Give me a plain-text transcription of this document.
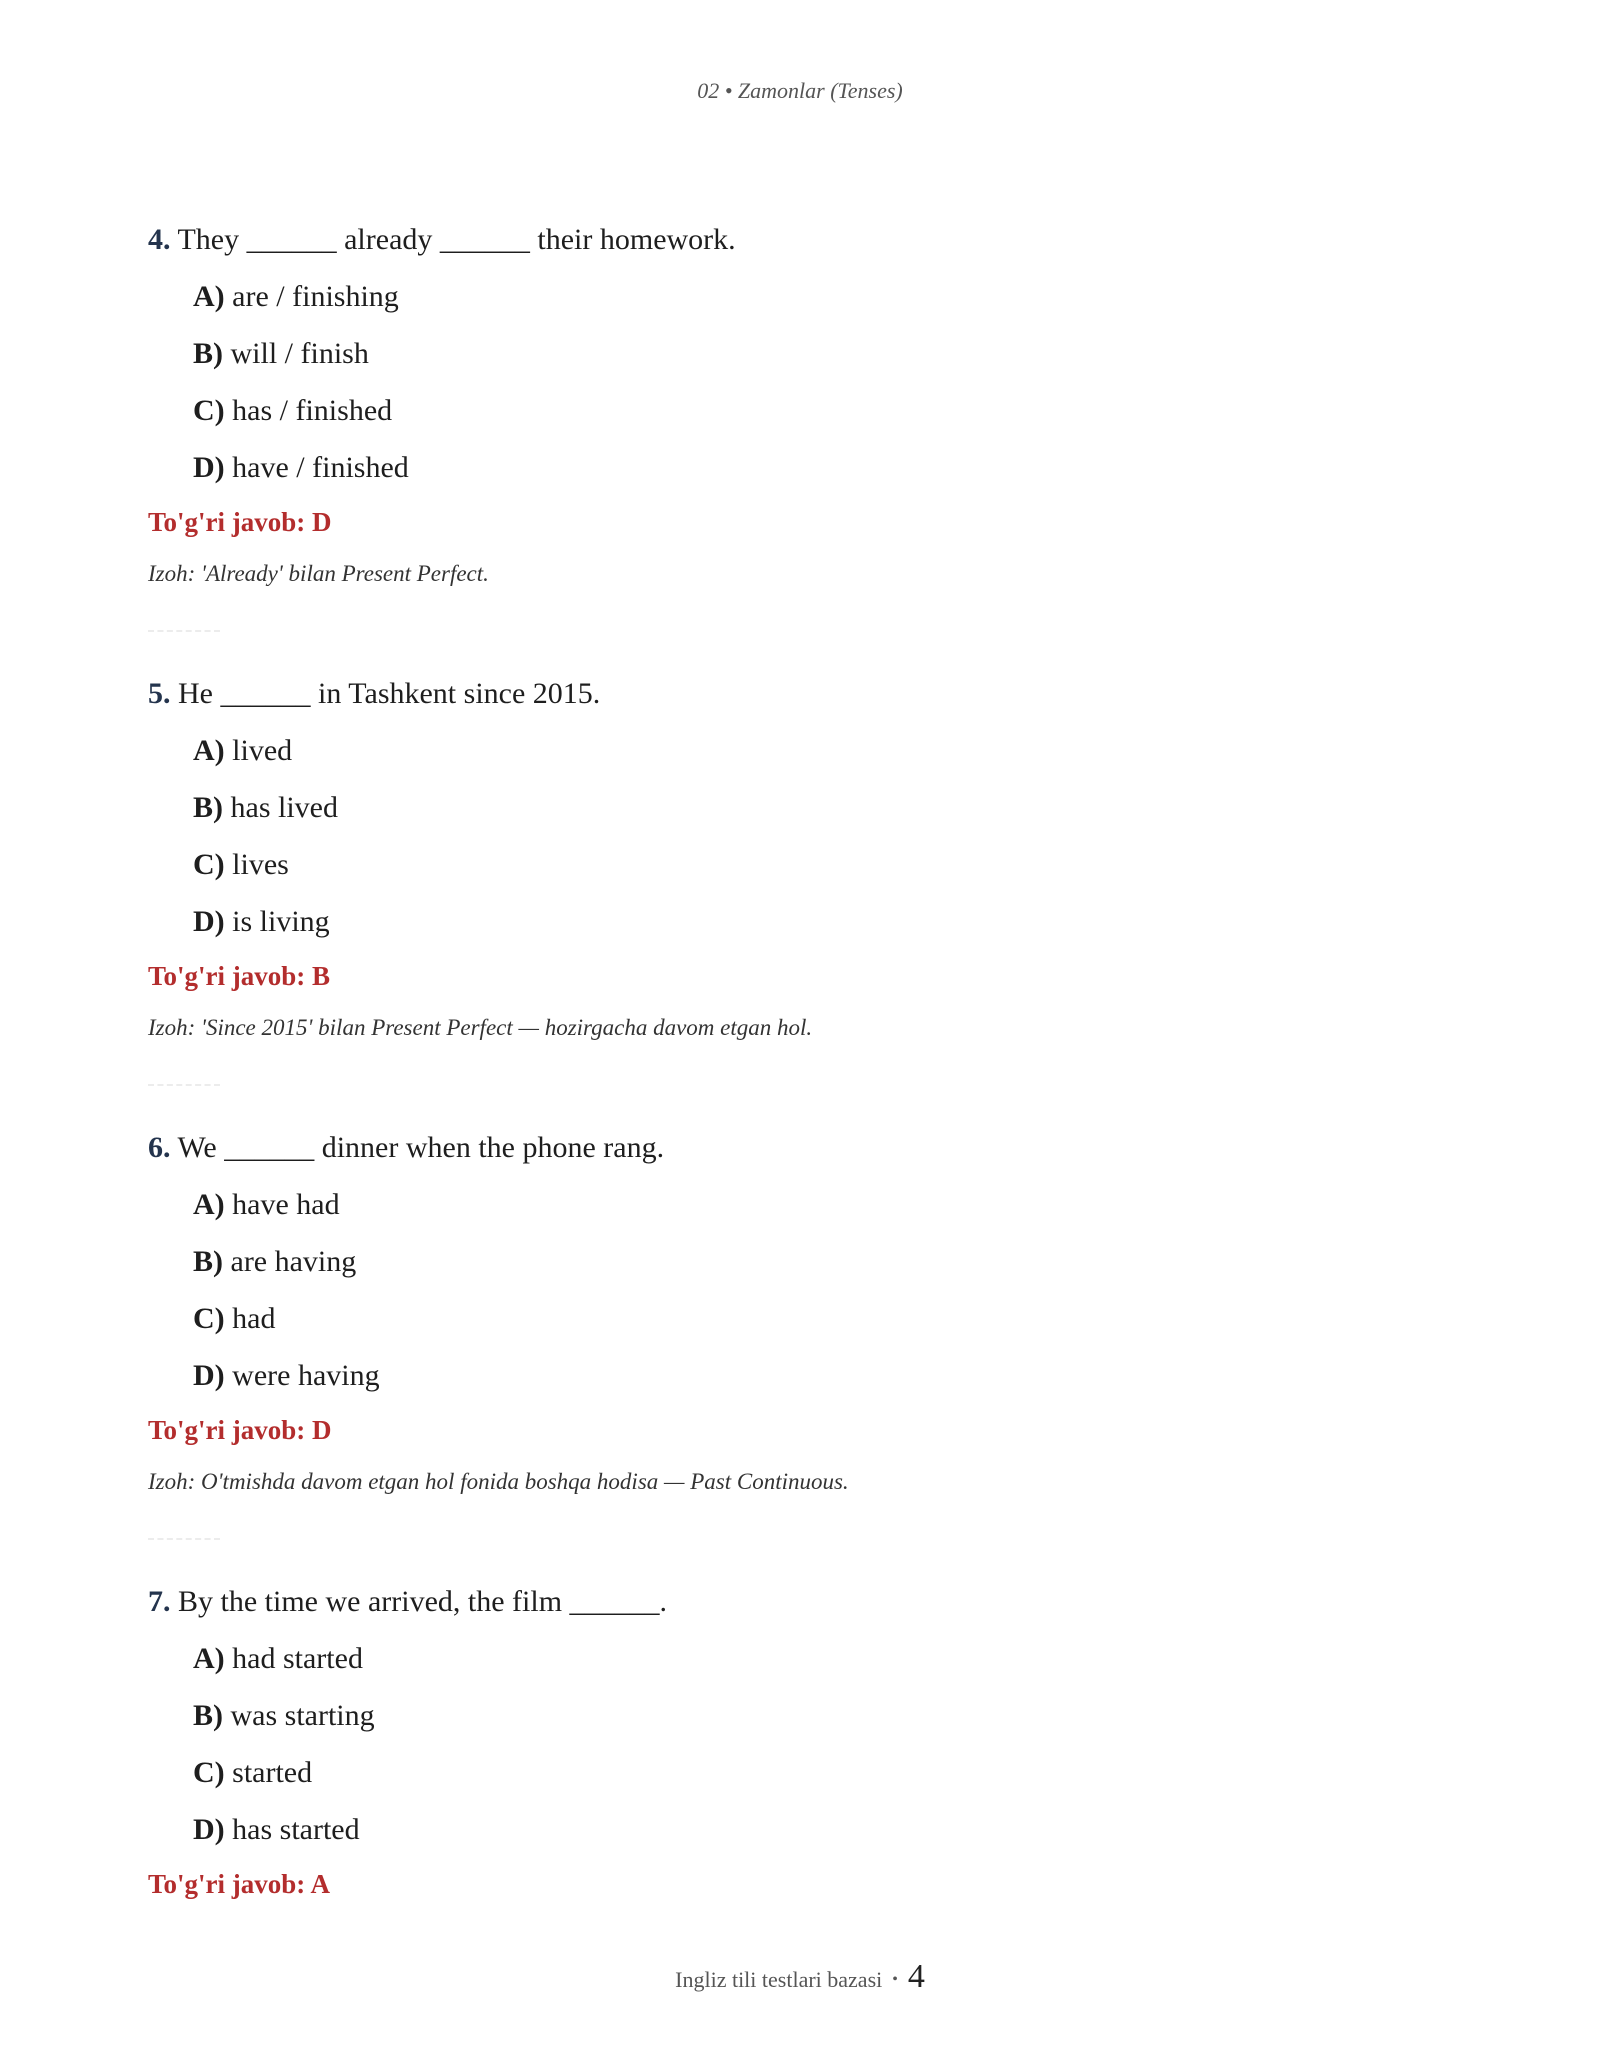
02 • Zamonlar (Tenses)

4. They ______ already ______ their homework.

A) are / finishing
B) will / finish
C) has / finished
D) have / finished

To'g'ri javob: D

Izoh: 'Already' bilan Present Perfect.

5. He ______ in Tashkent since 2015.

A) lived
B) has lived
C) lives
D) is living

To'g'ri javob: B

Izoh: 'Since 2015' bilan Present Perfect — hozirgacha davom etgan hol.

6. We ______ dinner when the phone rang.

A) have had
B) are having
C) had
D) were having

To'g'ri javob: D

Izoh: O'tmishda davom etgan hol fonida boshqa hodisa — Past Continuous.

7. By the time we arrived, the film ______.

A) had started
B) was starting
C) started
D) has started

To'g'ri javob: A

Ingliz tili testlari bazasi • 4
